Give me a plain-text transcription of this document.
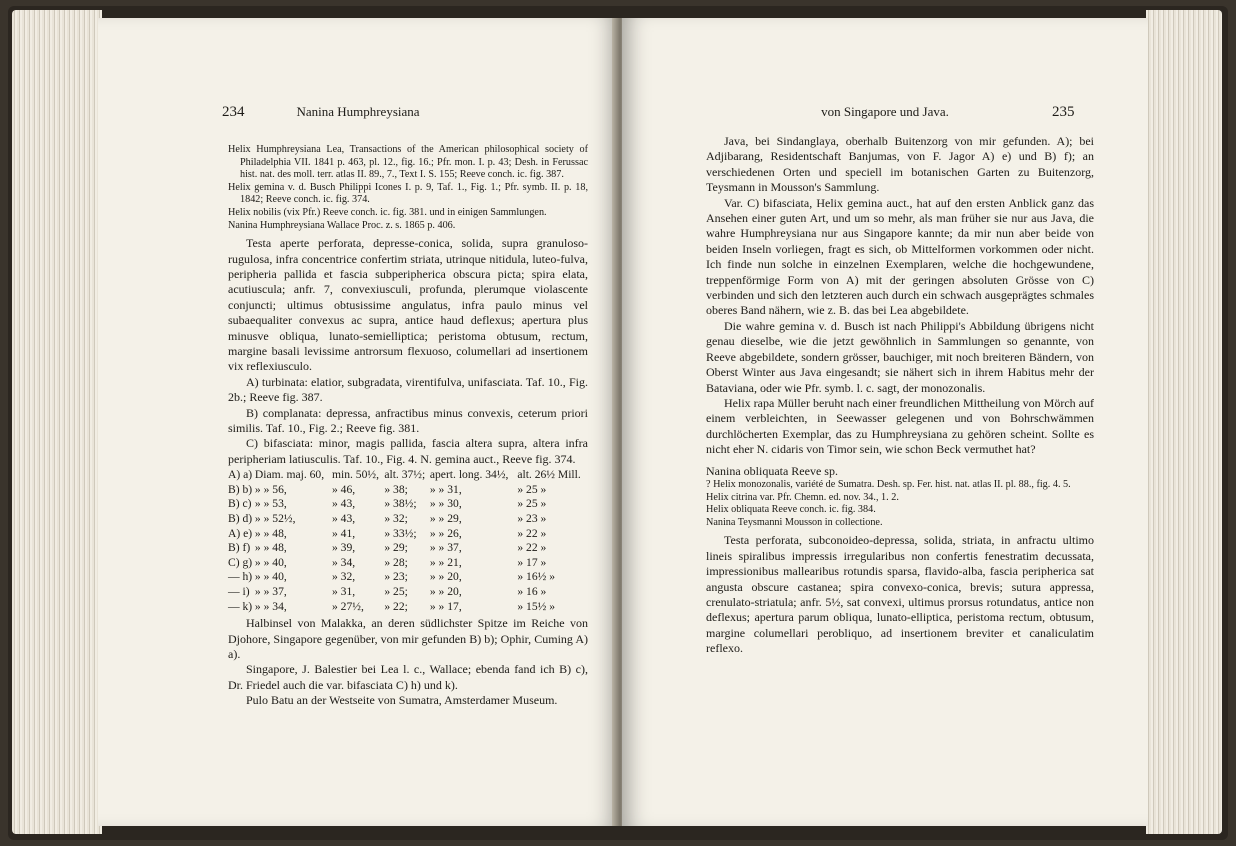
234	Nanina Humphreysiana

Helix Humphreysiana Lea, Transactions of the American philosophical society of Philadelphia VII. 1841 p. 463, pl. 12., fig. 16.; Pfr. mon. I. p. 43; Desh. in Ferussac hist. nat. des moll. terr. atlas II. 89., 7., Text I. S. 155; Reeve conch. ic. fig. 387.

Helix gemina v. d. Busch Philippi Icones I. p. 9, Taf. 1., Fig. 1.; Pfr. symb. II. p. 18, 1842; Reeve conch. ic. fig. 374.

Helix nobilis (vix Pfr.) Reeve conch. ic. fig. 381. und in einigen Sammlungen.

Nanina Humphreysiana Wallace Proc. z. s. 1865 p. 406.

Testa aperte perforata, depresse-conica, solida, supra granuloso-rugulosa, infra concentrice confertim striata, utrinque nitidula, luteo-fulva, peripheria pallida et fascia subperipherica obscura picta; spira elata, acutiuscula; anfr. 7, convexiusculi, profunda, plerumque violascente conjuncti; ultimus obtusissime angulatus, infra paulo minus vel subaequaliter convexus ac supra, antice haud deflexus; apertura plus minusve obliqua, lunato-semielliptica; peristoma obtusum, rectum, margine basali levissime antrorsum flexuoso, columellari ad insertionem vix reflexiusculo.

A) turbinata: elatior, subgradata, virentifulva, unifasciata. Taf. 10., Fig. 2b.; Reeve fig. 387.

B) complanata: depressa, anfractibus minus convexis, ceterum priori similis. Taf. 10., Fig. 2.; Reeve fig. 381.

C) bifasciata: minor, magis pallida, fascia altera supra, altera infra peripheriam latiusculis. Taf. 10., Fig. 4. N. gemina auct., Reeve fig. 374.

A) a)	Diam. maj. 60,	min. 50½,	alt. 37½;	apert. long. 34½,	alt. 26½ Mill.
B) b)	» » 56,	» 46,	» 38;	» » 31,	» 25 »
B) c)	» » 53,	» 43,	» 38½;	» » 30,	» 25 »
B) d)	» » 52½,	» 43,	» 32;	» » 29,	» 23 »
A) e)	» » 48,	» 41,	» 33½;	» » 26,	» 22 »
B) f)	» » 48,	» 39,	» 29;	» » 37,	» 22 »
C) g)	» » 40,	» 34,	» 28;	» » 21,	» 17 »
— h)	» » 40,	» 32,	» 23;	» » 20,	» 16½ »
— i)	» » 37,	» 31,	» 25;	» » 20,	» 16 »
— k)	» » 34,	» 27½,	» 22;	» » 17,	» 15½ »

Halbinsel von Malakka, an deren südlichster Spitze im Reiche von Djohore, Singapore gegenüber, von mir gefunden B) b); Ophir, Cuming A) a).

Singapore, J. Balestier bei Lea l. c., Wallace; ebenda fand ich B) c), Dr. Friedel auch die var. bifasciata C) h) und k).

Pulo Batu an der Westseite von Sumatra, Amsterdamer Museum.

von Singapore und Java.	235

Java, bei Sindanglaya, oberhalb Buitenzorg von mir gefunden. A); bei Adjibarang, Residentschaft Banjumas, von F. Jagor A) e) und B) f); an verschiedenen Orten und speciell im botanischen Garten zu Buitenzorg, Teysmann in Mousson's Sammlung.

Var. C) bifasciata, Helix gemina auct., hat auf den ersten Anblick ganz das Ansehen einer guten Art, und um so mehr, als man früher sie nur aus Java, die wahre Humphreysiana nur aus Singapore kannte; da mir nun aber beide von beiden Inseln vorliegen, fragt es sich, ob Mittelformen vorkommen oder nicht. Ich finde nun solche in einzelnen Exemplaren, welche die hochgewundene, treppenförmige Form von A) mit der geringen absoluten Grösse von C) verbinden und sich den letzteren auch durch ein schwach ausgeprägtes schmales oberes Band nähern, wie z. B. das bei Lea abgebildete.

Die wahre gemina v. d. Busch ist nach Philippi's Abbildung übrigens nicht genau dieselbe, wie die jetzt gewöhnlich in Sammlungen so genannte, von Reeve abgebildete, sondern grösser, bauchiger, mit noch breiteren Bändern, von Oberst Winter aus Java eingesandt; sie nähert sich in ihrem Habitus mehr der Bataviana, oder wie Pfr. symb. l. c. sagt, der monozonalis.

Helix rapa Müller beruht nach einer freundlichen Mittheilung von Mörch auf einem verbleichten, in Seewasser gelegenen und von Bohrschwämmen durchlöcherten Exemplar, das zu Humphreysiana zu gehören scheint. Sollte es nicht eher N. cidaris von Timor sein, wie schon Beck vermuthet hat?

Nanina obliquata Reeve sp.

? Helix monozonalis, variété de Sumatra. Desh. sp. Fer. hist. nat. atlas II. pl. 88., fig. 4. 5.

Helix citrina var. Pfr. Chemn. ed. nov. 34., 1. 2.

Helix obliquata Reeve conch. ic. fig. 384.

Nanina Teysmanni Mousson in collectione.

Testa perforata, subconoideo-depressa, solida, striata, in anfractu ultimo lineis spiralibus impressis irregularibus non confertis fenestratim decussata, impressionibus mallearibus rotundis sparsa, flavido-alba, fascia peripherica sat angusta obscure castanea; spira convexo-conica, brevis; sutura appressa, crenulato-striatula; anfr. 5½, sat convexi, ultimus prorsus rotundatus, antice non deflexus; apertura parum obliqua, lunato-elliptica, peristoma rectum, obtusum, margine columellari perobliquo, ad insertionem breviter et canaliculatim reflexo.
